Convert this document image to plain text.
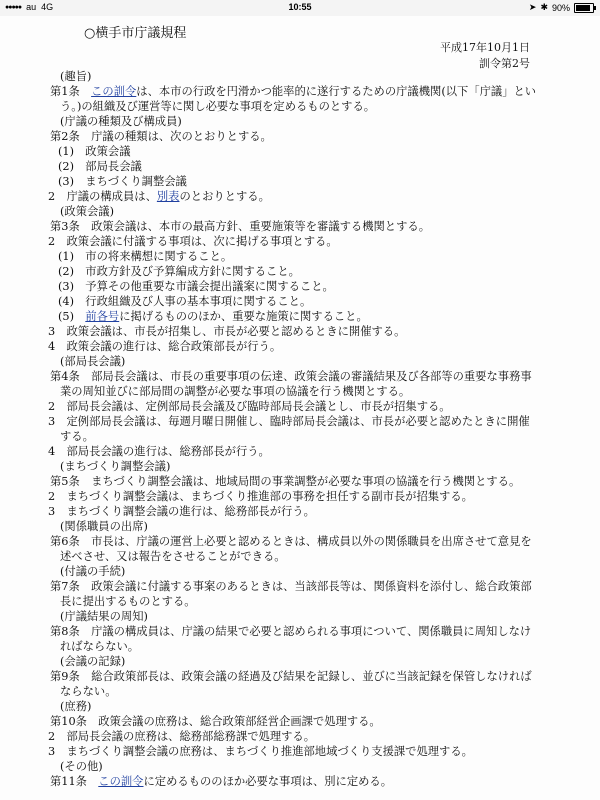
●●●●● au 4G	10:55	➤ ✱ 90%
○横手市庁議規程
平成17年10月1日
訓令第2号
(趣旨)
第1条　この訓令は、本市の行政を円滑かつ能率的に遂行するための庁議機関(以下「庁議」とい
う。)の組織及び運営等に関し必要な事項を定めるものとする。
(庁議の種類及び構成員)
第2条　庁議の種類は、次のとおりとする。
(1)　政策会議
(2)　部局長会議
(3)　まちづくり調整会議
2　庁議の構成員は、別表のとおりとする。
(政策会議)
第3条　政策会議は、本市の最高方針、重要施策等を審議する機関とする。
2　政策会議に付議する事項は、次に掲げる事項とする。
(1)　市の将来構想に関すること。
(2)　市政方針及び予算編成方針に関すること。
(3)　予算その他重要な市議会提出議案に関すること。
(4)　行政組織及び人事の基本事項に関すること。
(5)　前各号に掲げるもののほか、重要な施策に関すること。
3　政策会議は、市長が招集し、市長が必要と認めるときに開催する。
4　政策会議の進行は、総合政策部長が行う。
(部局長会議)
第4条　部局長会議は、市長の重要事項の伝達、政策会議の審議結果及び各部等の重要な事務事
業の周知並びに部局間の調整が必要な事項の協議を行う機関とする。
2　部局長会議は、定例部局長会議及び臨時部局長会議とし、市長が招集する。
3　定例部局長会議は、毎週月曜日開催し、臨時部局長会議は、市長が必要と認めたときに開催
する。
4　部局長会議の進行は、総務部長が行う。
(まちづくり調整会議)
第5条　まちづくり調整会議は、地域局間の事業調整が必要な事項の協議を行う機関とする。
2　まちづくり調整会議は、まちづくり推進部の事務を担任する副市長が招集する。
3　まちづくり調整会議の進行は、総務部長が行う。
(関係職員の出席)
第6条　市長は、庁議の運営上必要と認めるときは、構成員以外の関係職員を出席させて意見を
述べさせ、又は報告をさせることができる。
(付議の手続)
第7条　政策会議に付議する事案のあるときは、当該部長等は、関係資料を添付し、総合政策部
長に提出するものとする。
(庁議結果の周知)
第8条　庁議の構成員は、庁議の結果で必要と認められる事項について、関係職員に周知しなけ
ればならない。
(会議の記録)
第9条　総合政策部長は、政策会議の経過及び結果を記録し、並びに当該記録を保管しなければ
ならない。
(庶務)
第10条　政策会議の庶務は、総合政策部経営企画課で処理する。
2　部局長会議の庶務は、総務部総務課で処理する。
3　まちづくり調整会議の庶務は、まちづくり推進部地域づくり支援課で処理する。
(その他)
第11条　この訓令に定めるもののほか必要な事項は、別に定める。
